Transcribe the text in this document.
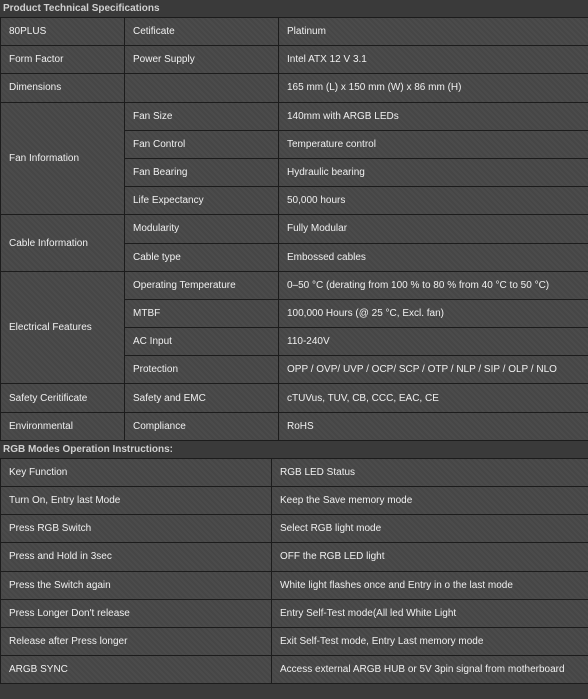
Product Technical Specifications
80PLUS	Cetificate	Platinum
Form Factor	Power Supply	Intel ATX 12 V 3.1
Dimensions		165 mm (L) x 150 mm (W) x 86 mm (H)
Fan Information	Fan Size	140mm with ARGB LEDs
	Fan Control	Temperature control
	Fan Bearing	Hydraulic bearing
	Life Expectancy	50,000 hours
Cable Information	Modularity	Fully Modular
	Cable type	Embossed cables
Electrical Features	Operating Temperature	0–50 °C (derating from 100 % to 80 % from 40 °C to 50 °C)
	MTBF	100,000 Hours (@ 25 °C, Excl. fan)
	AC Input	110-240V
	Protection	OPP / OVP/ UVP / OCP/ SCP / OTP / NLP / SIP / OLP / NLO
Safety Ceritificate	Safety and EMC	cTUVus, TUV, CB, CCC, EAC, CE
Environmental	Compliance	RoHS
RGB Modes Operation Instructions:
Key Function	RGB LED Status
Turn On, Entry last Mode	Keep the Save memory mode
Press RGB Switch	Select RGB light mode
Press and Hold in 3sec	OFF the RGB LED light
Press the Switch again	White light flashes once and Entry in o the last mode
Press Longer Don't release	Entry Self-Test mode(All led White Light
Release after Press longer	Exit Self-Test mode, Entry Last memory mode
ARGB SYNC	Access external ARGB HUB or 5V 3pin signal from motherboard
